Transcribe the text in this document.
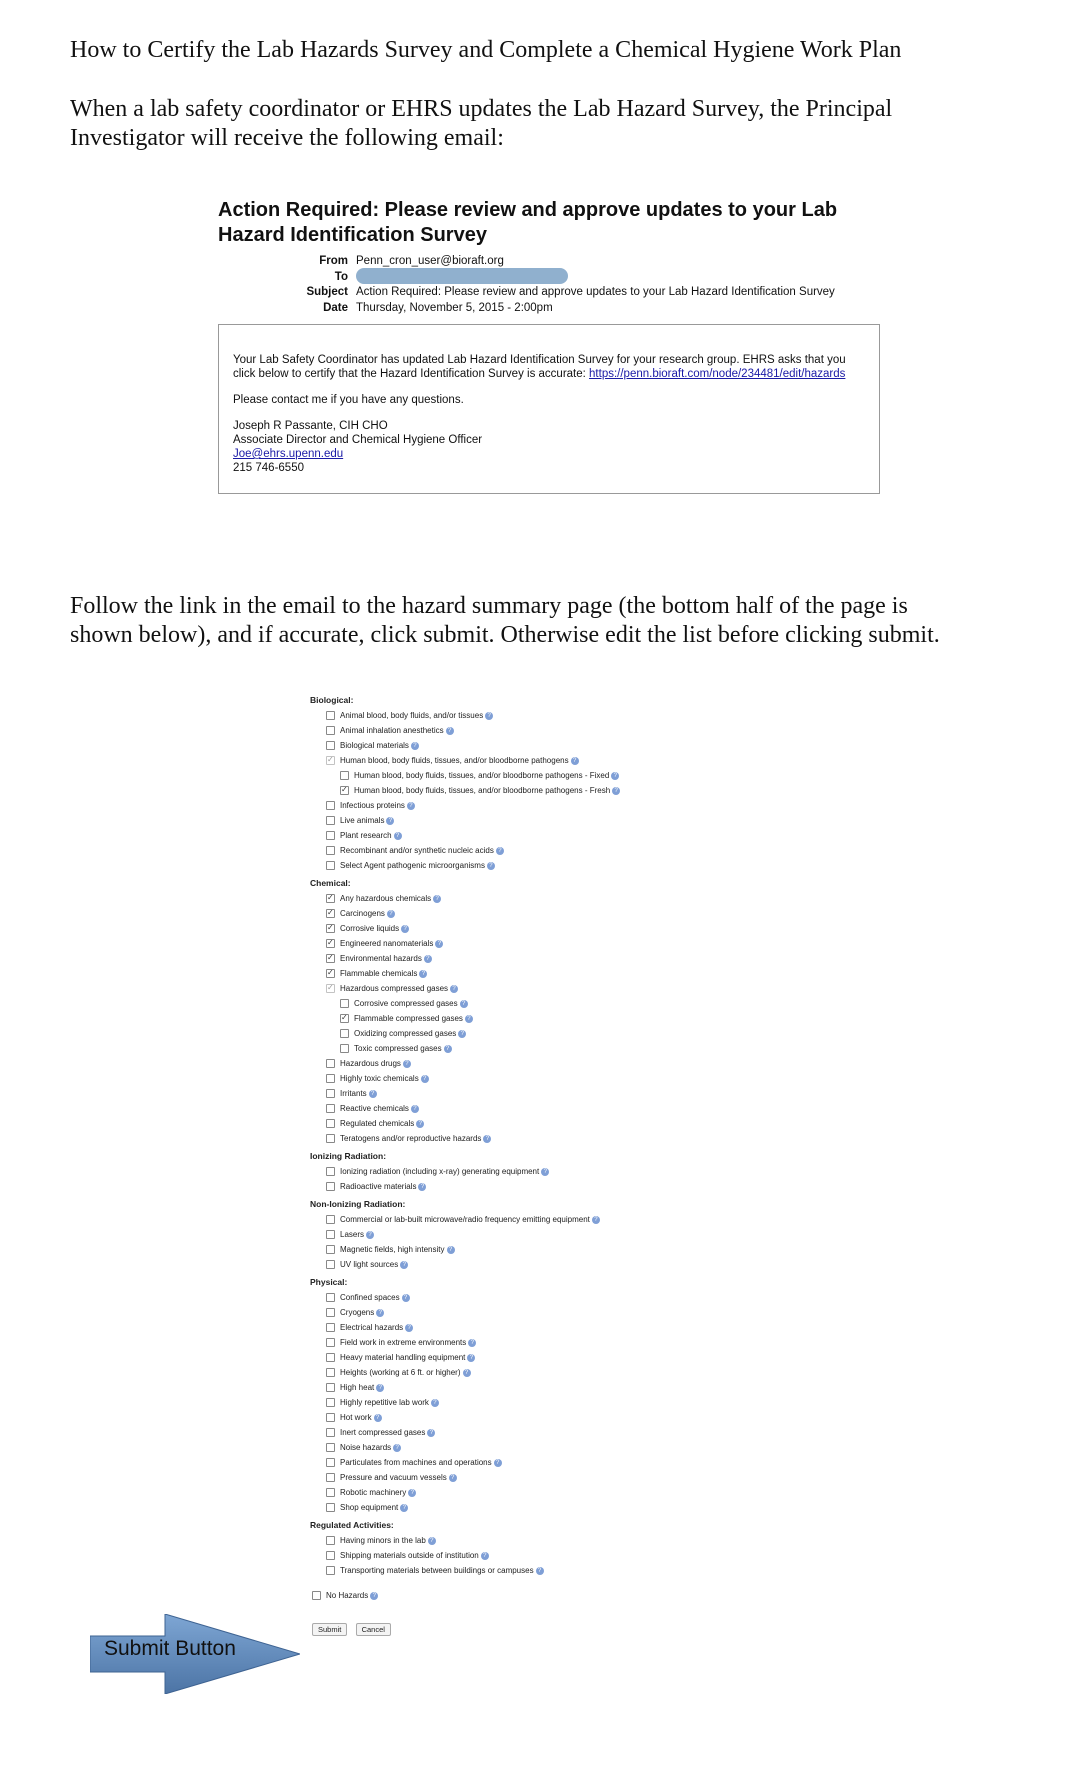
How to Certify the Lab Hazards Survey and Complete a Chemical Hygiene Work Plan
When a lab safety coordinator or EHRS updates the Lab Hazard Survey, the Principal Investigator will receive the following email:

Action Required: Please review and approve updates to your Lab Hazard Identification Survey

From	Penn_cron_user@bioraft.org
To	
Subject	Action Required: Please review and approve updates to your Lab Hazard Identification Survey
Date	Thursday, November 5, 2015 - 2:00pm

Your Lab Safety Coordinator has updated Lab Hazard Identification Survey for your research group. EHRS asks that you click below to certify that the Hazard Identification Survey is accurate: https://penn.bioraft.com/node/234481/edit/hazards

Please contact me if you have any questions.

Joseph R Passante, CIH CHO
Associate Director and Chemical Hygiene Officer
Joe@ehrs.upenn.edu
215 746-6550
Follow the link in the email to the hazard summary page (the bottom half of the page is shown below), and if accurate, click submit. Otherwise edit the list before clicking submit.
Biological:
Animal blood, body fluids, and/or tissues ?
Animal inhalation anesthetics ?
Biological materials ?
✓Human blood, body fluids, tissues, and/or bloodborne pathogens ?
Human blood, body fluids, tissues, and/or bloodborne pathogens - Fixed ?
✓Human blood, body fluids, tissues, and/or bloodborne pathogens - Fresh ?
Infectious proteins ?
Live animals ?
Plant research ?
Recombinant and/or synthetic nucleic acids ?
Select Agent pathogenic microorganisms ?
Chemical:
✓Any hazardous chemicals ?
✓Carcinogens ?
✓Corrosive liquids ?
✓Engineered nanomaterials ?
✓Environmental hazards ?
✓Flammable chemicals ?
✓Hazardous compressed gases ?
Corrosive compressed gases ?
✓Flammable compressed gases ?
Oxidizing compressed gases ?
Toxic compressed gases ?
Hazardous drugs ?
Highly toxic chemicals ?
Irritants ?
Reactive chemicals ?
Regulated chemicals ?
Teratogens and/or reproductive hazards ?
Ionizing Radiation:
Ionizing radiation (including x-ray) generating equipment ?
Radioactive materials ?
Non-Ionizing Radiation:
Commercial or lab-built microwave/radio frequency emitting equipment ?
Lasers ?
Magnetic fields, high intensity ?
UV light sources ?
Physical:
Confined spaces ?
Cryogens ?
Electrical hazards ?
Field work in extreme environments ?
Heavy material handling equipment ?
Heights (working at 6 ft. or higher) ?
High heat ?
Highly repetitive lab work ?
Hot work ?
Inert compressed gases ?
Noise hazards ?
Particulates from machines and operations ?
Pressure and vacuum vessels ?
Robotic machinery ?
Shop equipment ?
Regulated Activities:
Having minors in the lab ?
Shipping materials outside of institution ?
Transporting materials between buildings or campuses ?
No Hazards ?
Submit	Cancel
Submit Button
